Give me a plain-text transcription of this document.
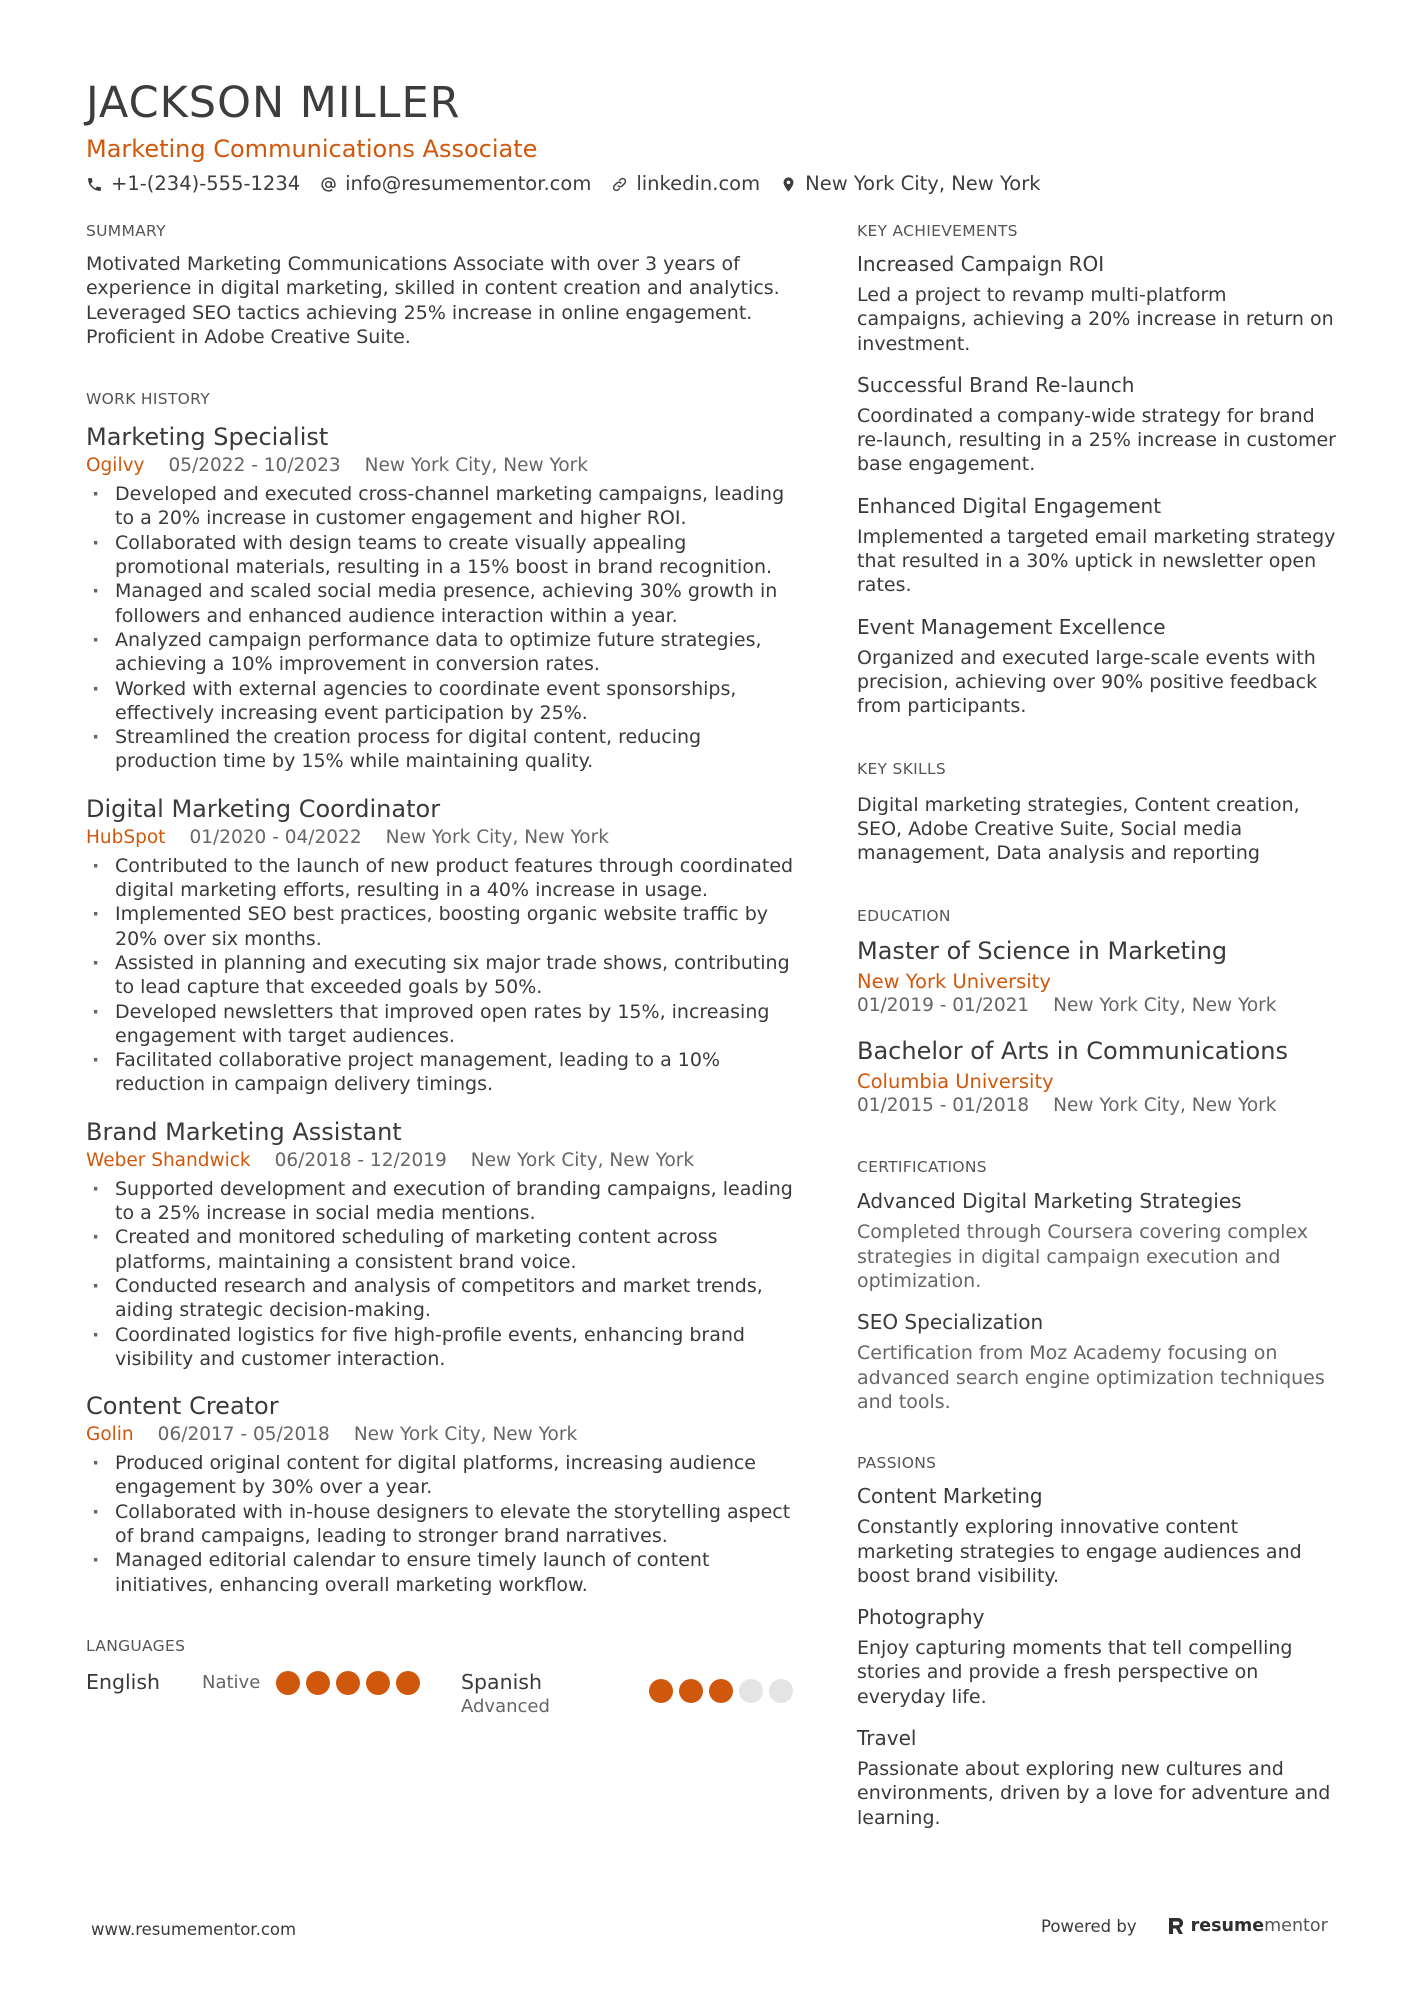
JACKSON MILLER
Marketing Communications Associate
+1-(234)-555-1234 info@resumementor.com linkedin.com New York City, New York
SUMMARY
Motivated Marketing Communications Associate with over 3 years of experience in digital marketing, skilled in content creation and analytics. Leveraged SEO tactics achieving 25% increase in online engagement. Proficient in Adobe Creative Suite.
WORK HISTORY
Marketing Specialist
Ogilvy 05/2022 - 10/2023 New York City, New York
· Developed and executed cross-channel marketing campaigns, leading to a 20% increase in customer engagement and higher ROI.
· Collaborated with design teams to create visually appealing promotional materials, resulting in a 15% boost in brand recognition.
· Managed and scaled social media presence, achieving 30% growth in followers and enhanced audience interaction within a year.
· Analyzed campaign performance data to optimize future strategies, achieving a 10% improvement in conversion rates.
· Worked with external agencies to coordinate event sponsorships, effectively increasing event participation by 25%.
· Streamlined the creation process for digital content, reducing production time by 15% while maintaining quality.
Digital Marketing Coordinator
HubSpot 01/2020 - 04/2022 New York City, New York
· Contributed to the launch of new product features through coordinated digital marketing efforts, resulting in a 40% increase in usage.
· Implemented SEO best practices, boosting organic website traffic by 20% over six months.
· Assisted in planning and executing six major trade shows, contributing to lead capture that exceeded goals by 50%.
· Developed newsletters that improved open rates by 15%, increasing engagement with target audiences.
· Facilitated collaborative project management, leading to a 10% reduction in campaign delivery timings.
Brand Marketing Assistant
Weber Shandwick 06/2018 - 12/2019 New York City, New York
· Supported development and execution of branding campaigns, leading to a 25% increase in social media mentions.
· Created and monitored scheduling of marketing content across platforms, maintaining a consistent brand voice.
· Conducted research and analysis of competitors and market trends, aiding strategic decision-making.
· Coordinated logistics for five high-profile events, enhancing brand visibility and customer interaction.
Content Creator
Golin 06/2017 - 05/2018 New York City, New York
· Produced original content for digital platforms, increasing audience engagement by 30% over a year.
· Collaborated with in-house designers to elevate the storytelling aspect of brand campaigns, leading to stronger brand narratives.
· Managed editorial calendar to ensure timely launch of content initiatives, enhancing overall marketing workflow.
LANGUAGES
English	Native	Spanish
Advanced
KEY ACHIEVEMENTS
Increased Campaign ROI
Led a project to revamp multi-platform campaigns, achieving a 20% increase in return on investment.
Successful Brand Re-launch
Coordinated a company-wide strategy for brand re-launch, resulting in a 25% increase in customer base engagement.
Enhanced Digital Engagement
Implemented a targeted email marketing strategy that resulted in a 30% uptick in newsletter open rates.
Event Management Excellence
Organized and executed large-scale events with precision, achieving over 90% positive feedback from participants.
KEY SKILLS
Digital marketing strategies, Content creation, SEO, Adobe Creative Suite, Social media management, Data analysis and reporting
EDUCATION
Master of Science in Marketing
New York University
01/2019 - 01/2021 New York City, New York
Bachelor of Arts in Communications
Columbia University
01/2015 - 01/2018 New York City, New York
CERTIFICATIONS
Advanced Digital Marketing Strategies
Completed through Coursera covering complex strategies in digital campaign execution and optimization.
SEO Specialization
Certification from Moz Academy focusing on advanced search engine optimization techniques and tools.
PASSIONS
Content Marketing
Constantly exploring innovative content marketing strategies to engage audiences and boost brand visibility.
Photography
Enjoy capturing moments that tell compelling stories and provide a fresh perspective on everyday life.
Travel
Passionate about exploring new cultures and environments, driven by a love for adventure and learning.
www.resumementor.com	Powered by	resume mentor
